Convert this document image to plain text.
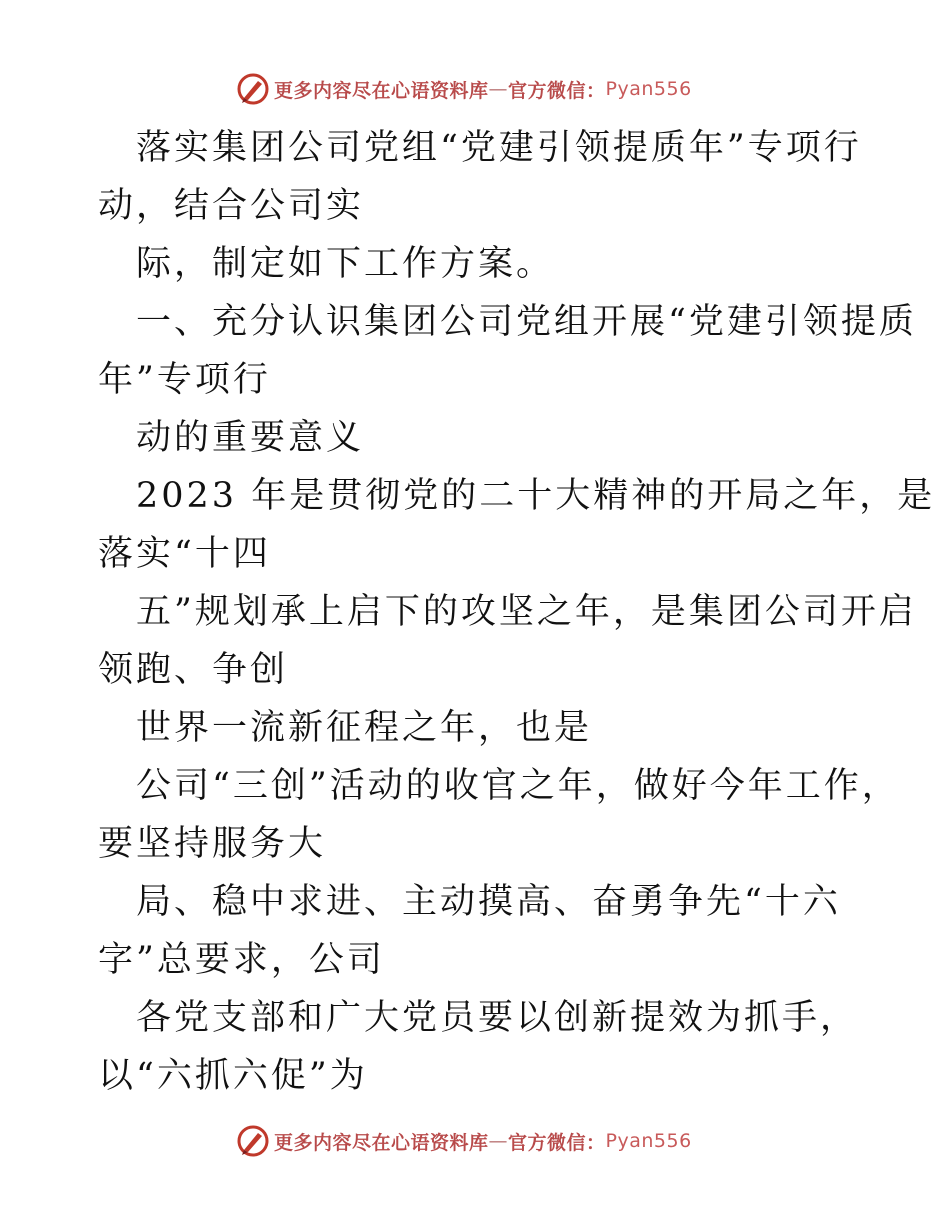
更多内容尽在心语资料库 — 官方微信： Pyan556
落实集团公司党组“党建引领提质年”专项行
动，结合公司实
际，制定如下工作方案。
一、充分认识集团公司党组开展“党建引领提质
年”专项行
动的重要意义
2023 年是贯彻党的二十大精神的开局之年，是
落实“十四
五”规划承上启下的攻坚之年，是集团公司开启
领跑、争创
世界一流新征程之年，也是
公司“三创”活动的收官之年，做好今年工作，
要坚持服务大
局、稳中求进、主动摸高、奋勇争先“十六
字”总要求，公司
各党支部和广大党员要以创新提效为抓手，
以“六抓六促”为
更多内容尽在心语资料库 — 官方微信： Pyan556
